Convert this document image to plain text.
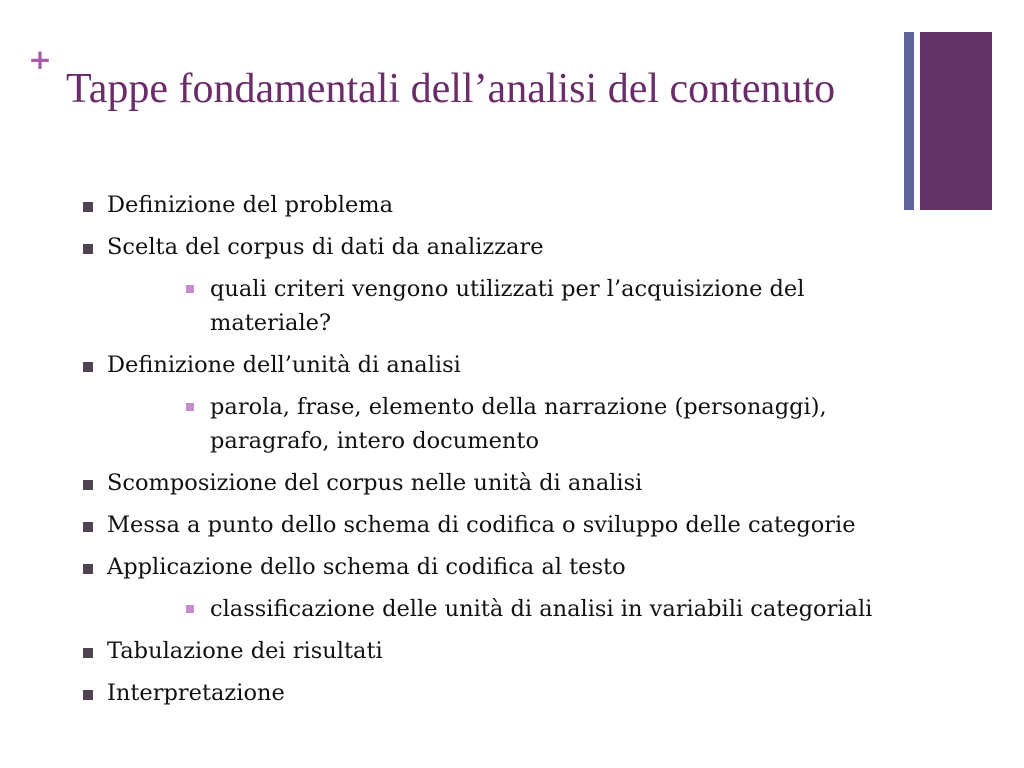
+
Tappe fondamentali dell’analisi del contenuto
Definizione del problema
Scelta del corpus di dati da analizzare
quali criteri vengono utilizzati per l’acquisizione del materiale?
Definizione dell’unità di analisi
parola, frase, elemento della narrazione (personaggi), paragrafo, intero documento
Scomposizione del corpus nelle unità di analisi
Messa a punto dello schema di codifica o sviluppo delle categorie
Applicazione dello schema di codifica al testo
classificazione delle unità di analisi in variabili categoriali
Tabulazione dei risultati
Interpretazione
